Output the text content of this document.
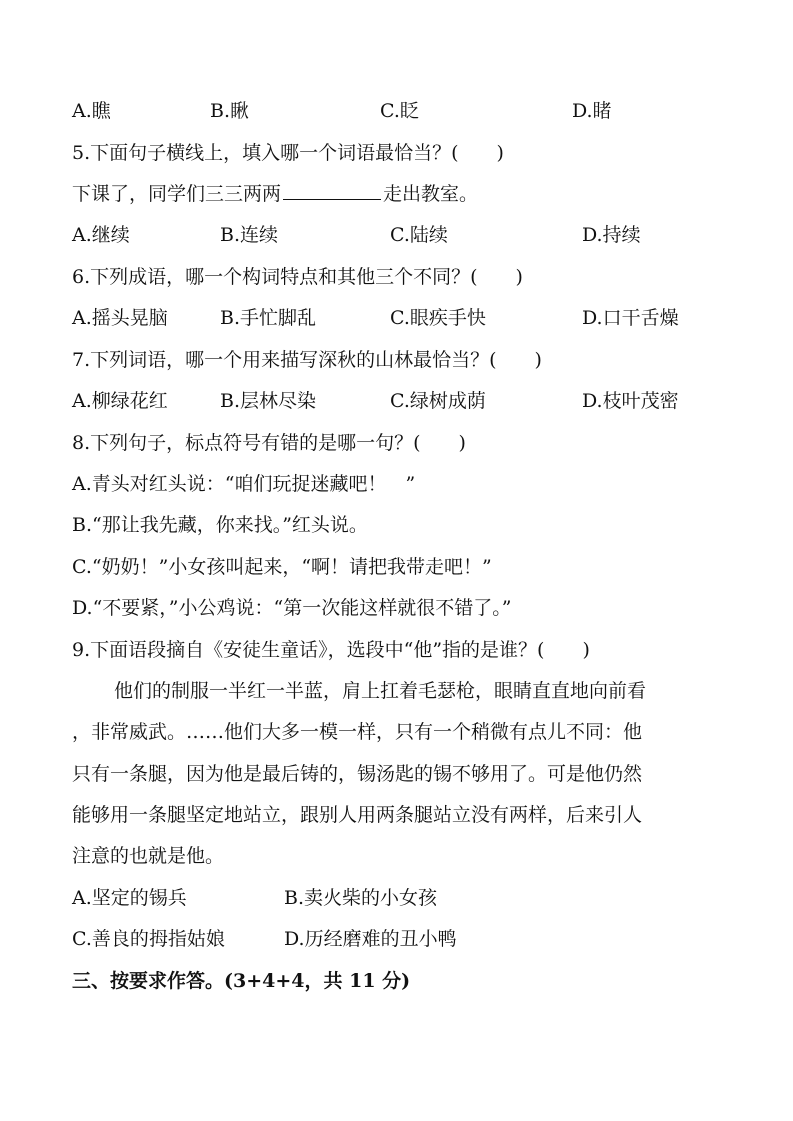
A.瞧	B.瞅	C.眨	D.睹
5.下面句子横线上，填入哪一个词语最恰当？(　　)
下课了，同学们三三两两	走出教室。
A.继续	B.连续	C.陆续	D.持续
6.下列成语，哪一个构词特点和其他三个不同？(　　)
A.摇头晃脑	B.手忙脚乱	C.眼疾手快	D.口干舌燥
7.下列词语，哪一个用来描写深秋的山林最恰当？(　　)
A.柳绿花红	B.层林尽染	C.绿树成荫	D.枝叶茂密
8.下列句子，标点符号有错的是哪一句？(　　)
A.青头对红头说：“咱们玩捉迷藏吧！　”
B.“那让我先藏，你来找。”红头说。
C.“奶奶！”小女孩叫起来，“啊！请把我带走吧！”
D.“不要紧，”小公鸡说：“第一次能这样就很不错了。”
9.下面语段摘自《安徒生童话》，选段中“他”指的是谁？(　　)
他们的制服一半红一半蓝，肩上扛着毛瑟枪，眼睛直直地向前看
，非常威武。……他们大多一模一样，只有一个稍微有点儿不同：他
只有一条腿，因为他是最后铸的，锡汤匙的锡不够用了。可是他仍然
能够用一条腿坚定地站立，跟别人用两条腿站立没有两样，后来引人
注意的也就是他。
A.坚定的锡兵	B.卖火柴的小女孩
C.善良的拇指姑娘	D.历经磨难的丑小鸭
三、按要求作答。(3+4+4，共 11 分)
